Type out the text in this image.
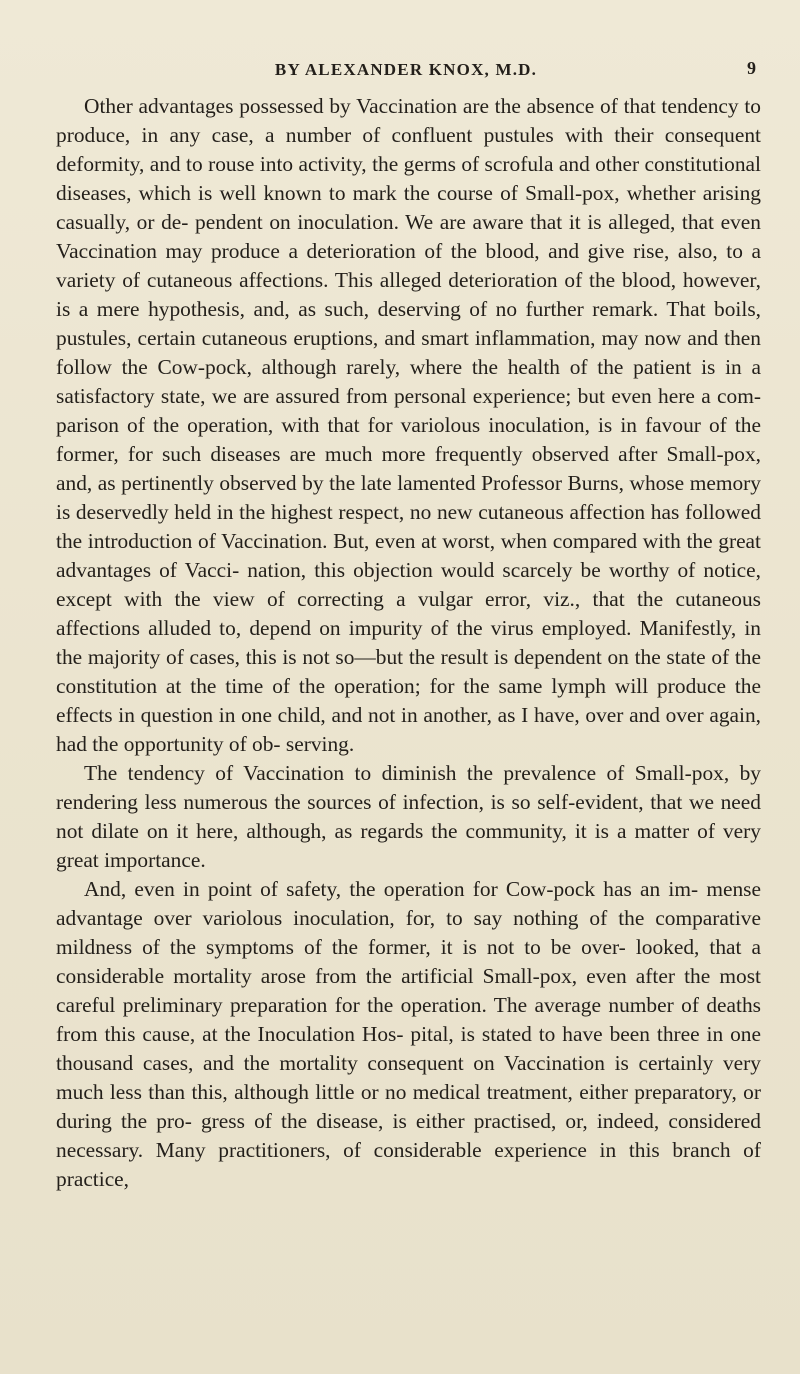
BY ALEXANDER KNOX, M.D.	9

Other advantages possessed by Vaccination are the absence of that tendency to produce, in any case, a number of confluent pustules with their consequent deformity, and to rouse into activity, the germs of scrofula and other constitutional diseases, which is well known to mark the course of Small-pox, whether arising casually, or de- pendent on inoculation. We are aware that it is alleged, that even Vaccination may produce a deterioration of the blood, and give rise, also, to a variety of cutaneous affections. This alleged deterioration of the blood, however, is a mere hypothesis, and, as such, deserving of no further remark. That boils, pustules, certain cutaneous eruptions, and smart inflammation, may now and then follow the Cow-pock, although rarely, where the health of the patient is in a satisfactory state, we are assured from personal experience; but even here a com- parison of the operation, with that for variolous inoculation, is in favour of the former, for such diseases are much more frequently observed after Small-pox, and, as pertinently observed by the late lamented Professor Burns, whose memory is deservedly held in the highest respect, no new cutaneous affection has followed the introduction of Vaccination. But, even at worst, when compared with the great advantages of Vacci- nation, this objection would scarcely be worthy of notice, except with the view of correcting a vulgar error, viz., that the cutaneous affections alluded to, depend on impurity of the virus employed. Manifestly, in the majority of cases, this is not so—but the result is dependent on the state of the constitution at the time of the operation; for the same lymph will produce the effects in question in one child, and not in another, as I have, over and over again, had the opportunity of ob- serving.

The tendency of Vaccination to diminish the prevalence of Small-pox, by rendering less numerous the sources of infection, is so self-evident, that we need not dilate on it here, although, as regards the community, it is a matter of very great importance.

And, even in point of safety, the operation for Cow-pock has an im- mense advantage over variolous inoculation, for, to say nothing of the comparative mildness of the symptoms of the former, it is not to be over- looked, that a considerable mortality arose from the artificial Small-pox, even after the most careful preliminary preparation for the operation. The average number of deaths from this cause, at the Inoculation Hos- pital, is stated to have been three in one thousand cases, and the mortality consequent on Vaccination is certainly very much less than this, although little or no medical treatment, either preparatory, or during the pro- gress of the disease, is either practised, or, indeed, considered necessary. Many practitioners, of considerable experience in this branch of practice,
